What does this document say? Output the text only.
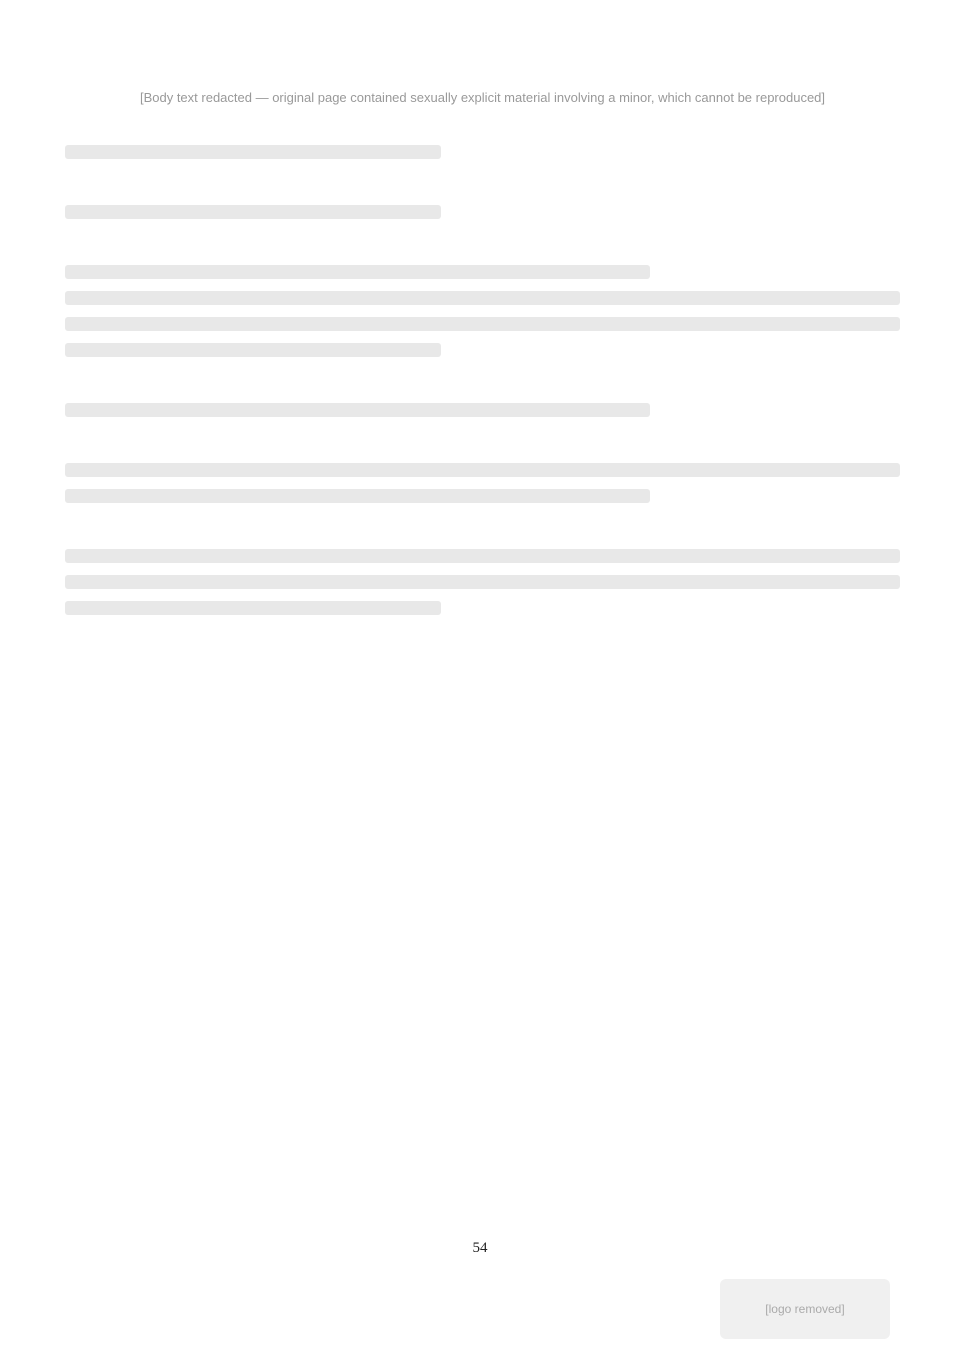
[Body text redacted — original page contained sexually explicit material involving a minor, which cannot be reproduced]
54
[logo removed]
